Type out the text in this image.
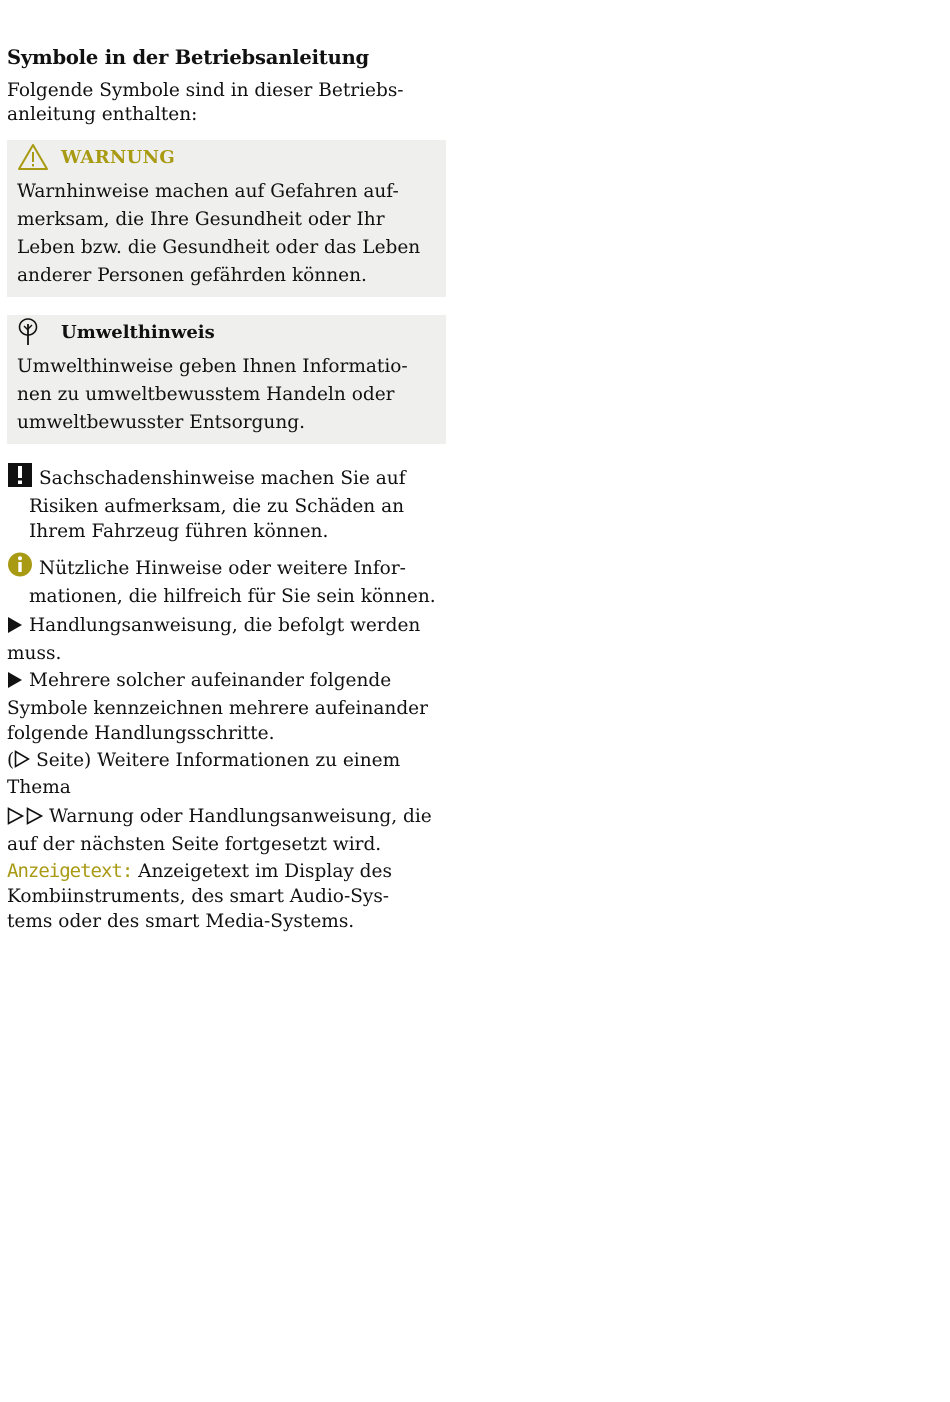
Symbole in der Betriebsanleitung
Folgende Symbole sind in dieser Betriebs-
anleitung enthalten:
WARNUNG
Warnhinweise machen auf Gefahren auf-
merksam, die Ihre Gesundheit oder Ihr
Leben bzw. die Gesundheit oder das Leben
anderer Personen gefährden können.
Umwelthinweis
Umwelthinweise geben Ihnen Informatio-
nen zu umweltbewusstem Handeln oder
umweltbewusster Entsorgung.
Sachschadenshinweise machen Sie auf
Risiken aufmerksam, die zu Schäden an
Ihrem Fahrzeug führen können.
Nützliche Hinweise oder weitere Infor-
mationen, die hilfreich für Sie sein können.
Handlungsanweisung, die befolgt werden
muss.
Mehrere solcher aufeinander folgende
Symbole kennzeichnen mehrere aufeinander
folgende Handlungsschritte.
( Seite) Weitere Informationen zu einem
Thema
Warnung oder Handlungsanweisung, die
auf der nächsten Seite fortgesetzt wird.
Anzeigetext: Anzeigetext im Display des
Kombiinstruments, des smart Audio-Sys-
tems oder des smart Media-Systems.
